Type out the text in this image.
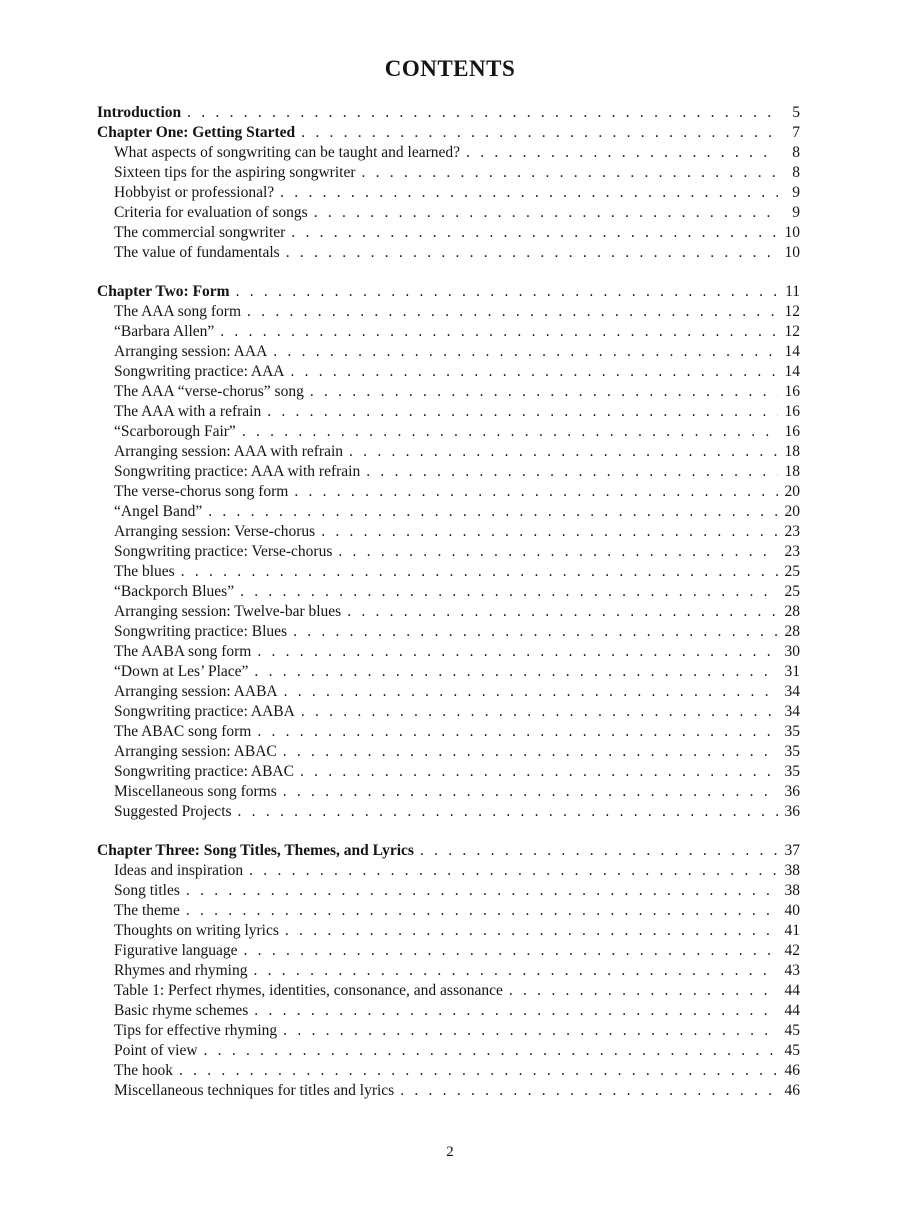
CONTENTS
Introduction . . .	5
Chapter One: Getting Started . . .	7
What aspects of songwriting can be taught and learned? . . .	8
Sixteen tips for the aspiring songwriter . . .	8
Hobbyist or professional? . . .	9
Criteria for evaluation of songs . . .	9
The commercial songwriter . . .	10
The value of fundamentals . . .	10
Chapter Two: Form . . .	11
The AAA song form . . .	12
“Barbara Allen” . . .	12
Arranging session: AAA . . .	14
Songwriting practice: AAA . . .	14
The AAA “verse-chorus” song . . .	16
The AAA with a refrain . . .	16
“Scarborough Fair” . . .	16
Arranging session: AAA with refrain . . .	18
Songwriting practice: AAA with refrain . . .	18
The verse-chorus song form . . .	20
“Angel Band” . . .	20
Arranging session: Verse-chorus . . .	23
Songwriting practice: Verse-chorus . . .	23
The blues . . .	25
“Backporch Blues” . . .	25
Arranging session: Twelve-bar blues . . .	28
Songwriting practice: Blues . . .	28
The AABA song form . . .	30
“Down at Les’ Place” . . .	31
Arranging session: AABA . . .	34
Songwriting practice: AABA . . .	34
The ABAC song form . . .	35
Arranging session: ABAC . . .	35
Songwriting practice: ABAC . . .	35
Miscellaneous song forms . . .	36
Suggested Projects . . .	36
Chapter Three: Song Titles, Themes, and Lyrics . . .	37
Ideas and inspiration . . .	38
Song titles . . .	38
The theme . . .	40
Thoughts on writing lyrics . . .	41
Figurative language . . .	42
Rhymes and rhyming . . .	43
Table 1: Perfect rhymes, identities, consonance, and assonance . . .	44
Basic rhyme schemes . . .	44
Tips for effective rhyming . . .	45
Point of view . . .	45
The hook . . .	46
Miscellaneous techniques for titles and lyrics . . .	46
2
